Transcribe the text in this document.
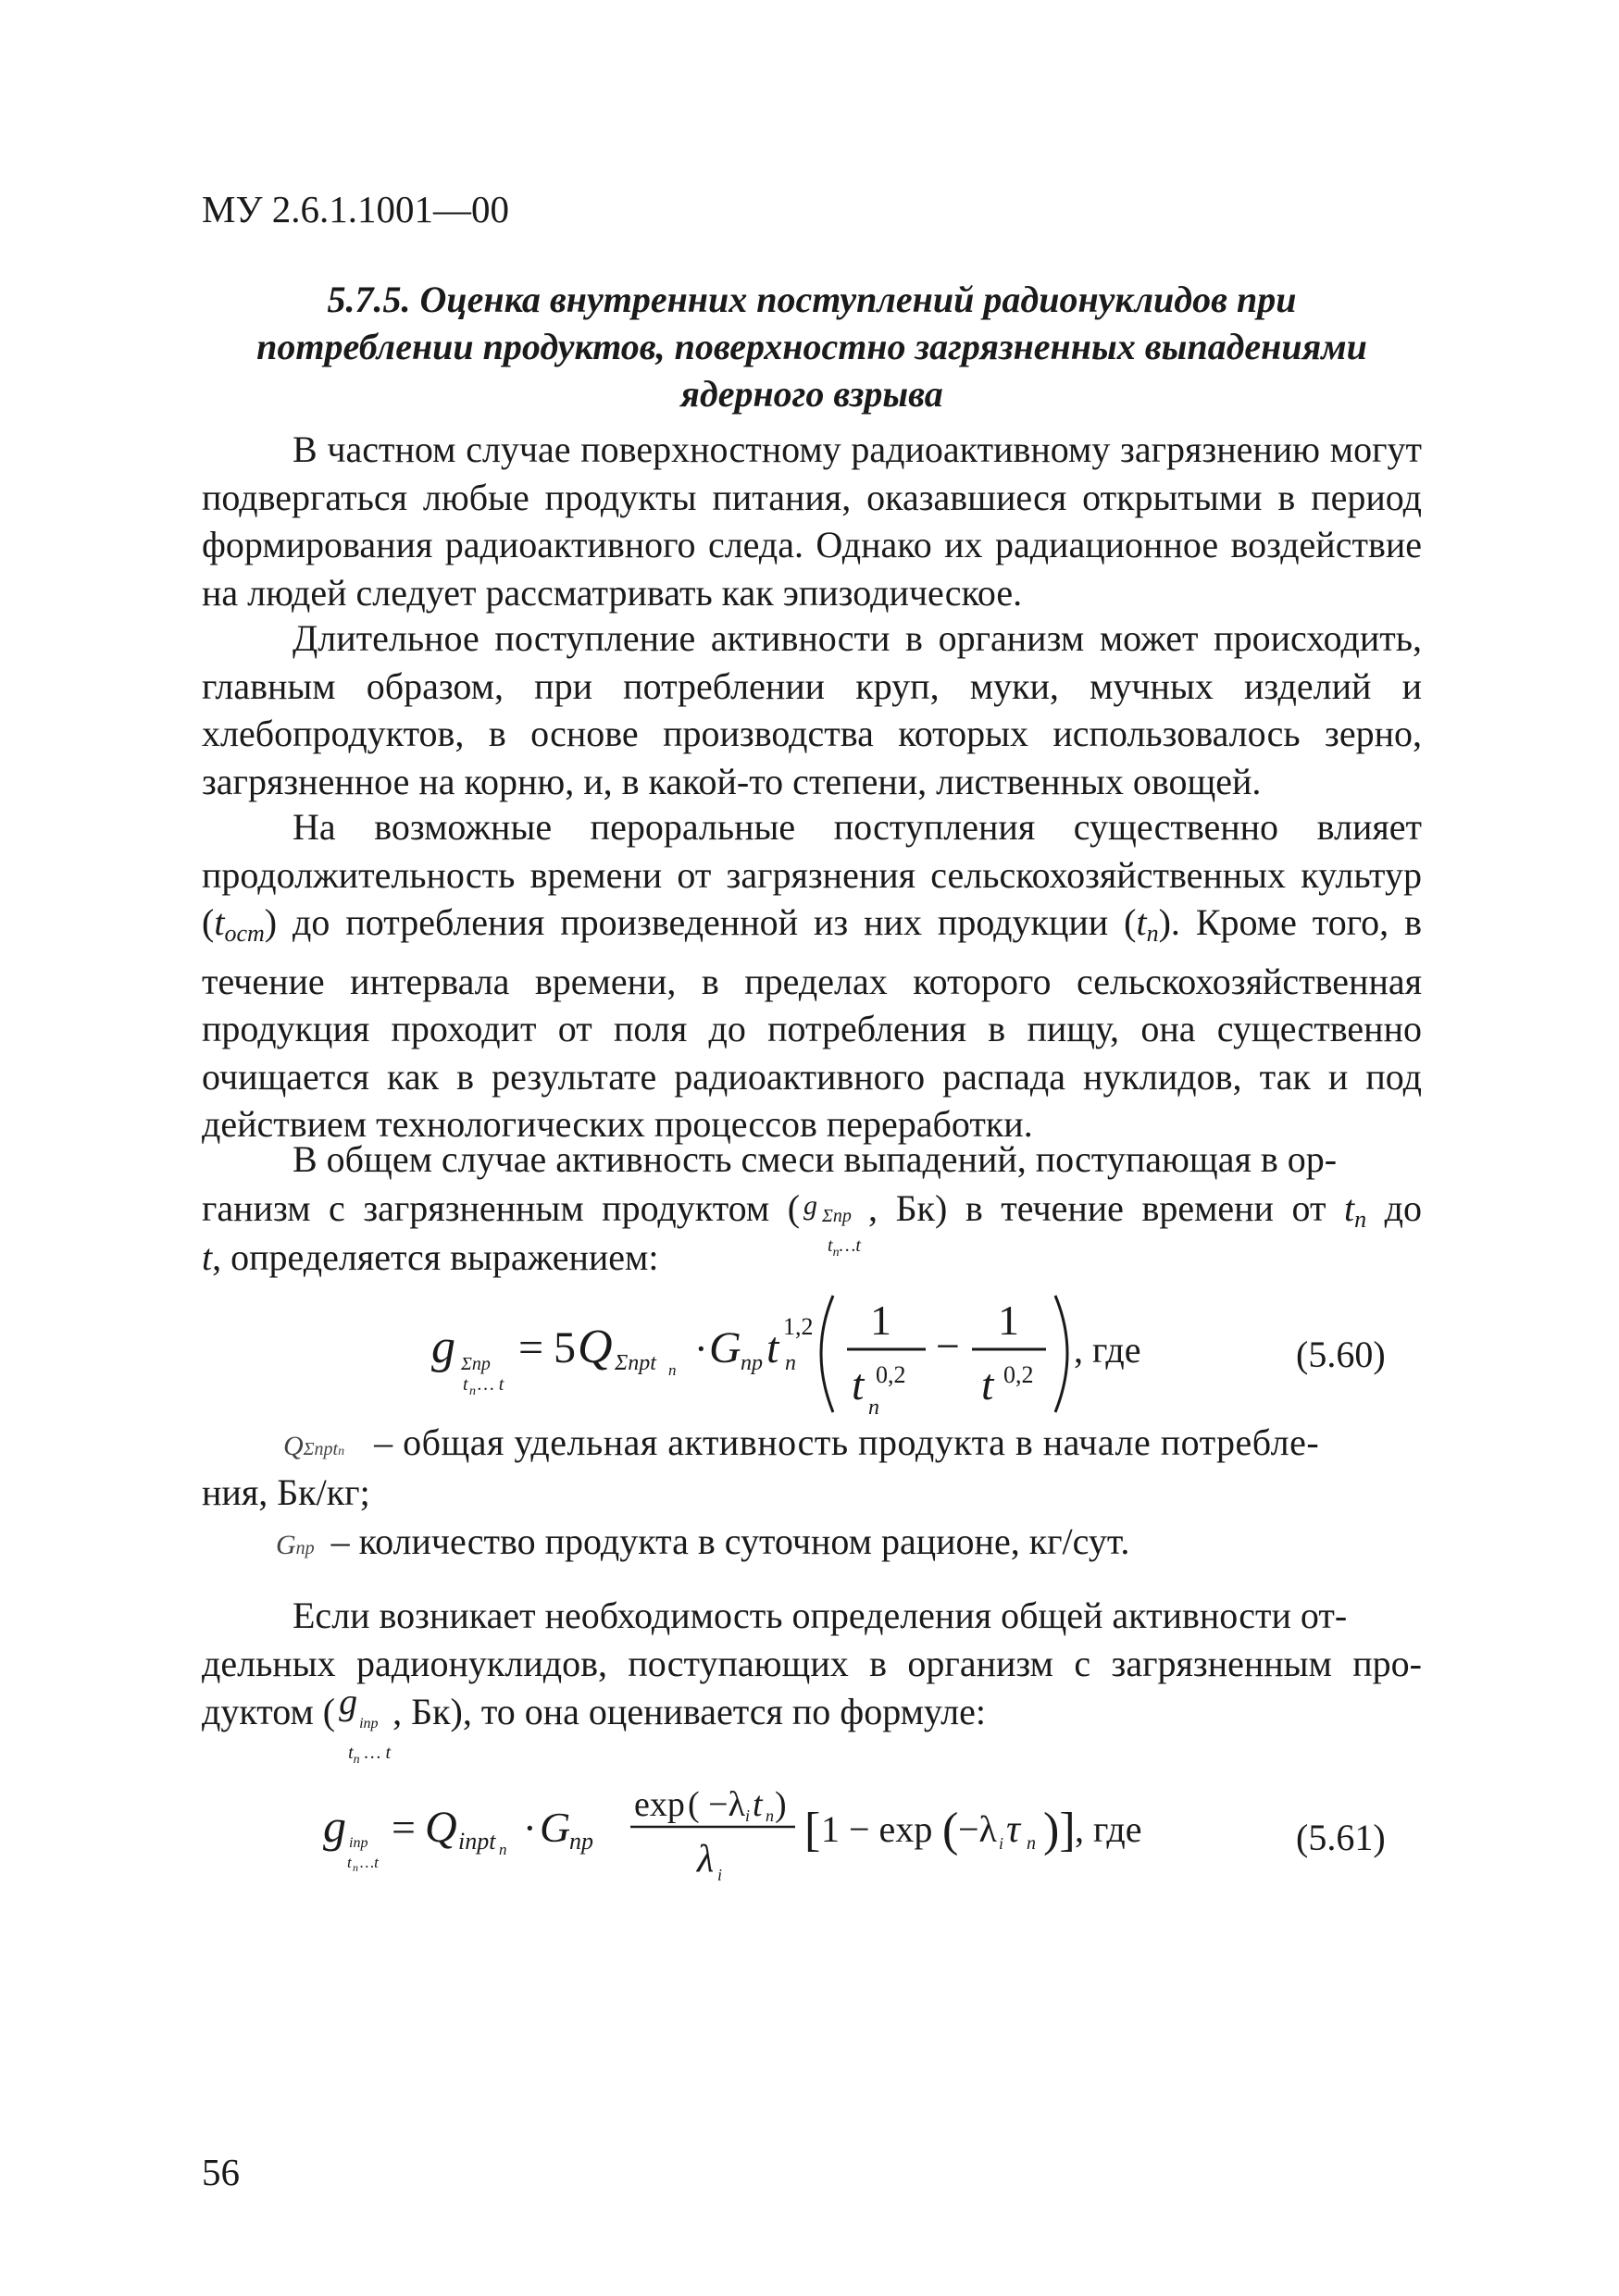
МУ 2.6.1.1001—00
5.7.5. Оценка внутренних поступлений радионуклидов при
потреблении продуктов, поверхностно загрязненных выпадениями
ядерного взрыва

В частном случае поверхностному радиоактивному загрязнению могут подвергаться любые продукты питания, оказавшиеся открытыми в период формирования радиоактивного следа. Однако их радиационное воздействие на людей следует рассматривать как эпизодическое.

Длительное поступление активности в организм может происходить, главным образом, при потреблении круп, муки, мучных изделий и хлебопродуктов, в основе производства которых использовалось зерно, загрязненное на корню, и, в какой-то степени, лиственных овощей.

На возможные пероральные поступления существенно влияет продолжительность времени от загрязнения сельскохозяйственных культур $(t_{ост})$ до потребления произведенной из них продукции $(t_n)$. Кроме того, в течение интервала времени, в пределах которого сельскохозяйственная продукция проходит от поля до потребления в пищу, она существенно очищается как в результате радиоактивного распада нуклидов, так и под действием технологических процессов переработки.

В общем случае активность смеси выпадений, поступающая в ор-

ганизм с загрязненным продуктом ( g Σnp
$t_n\dots t$
, Бк) в течение времени от $t_n$ до
t, определяется выражением:
g Σnp
t n … t
= 5 Q Σnpt n · G np t 1,2
n
1
t 0,2
n
−
1
t 0,2
, где	(5.60)
QΣnptn – общая удельная активность продукта в начале потребле-
ния, Бк/кг;
Gnp – количество продукта в суточном рационе, кг/сут.

Если возникает необходимость определения общей активности от-

дельных радионуклидов, поступающих в организм с загрязненным про-
дуктом ( g
inp
$t_n$ … t
, Бк), то она оценивается по формуле:
g inp
t n …t
= Q inpt n · G
np
exp ( −λ i t n )
λ i
[ 1 − exp ( −λ i τ n )] , где	(5.61)
56
